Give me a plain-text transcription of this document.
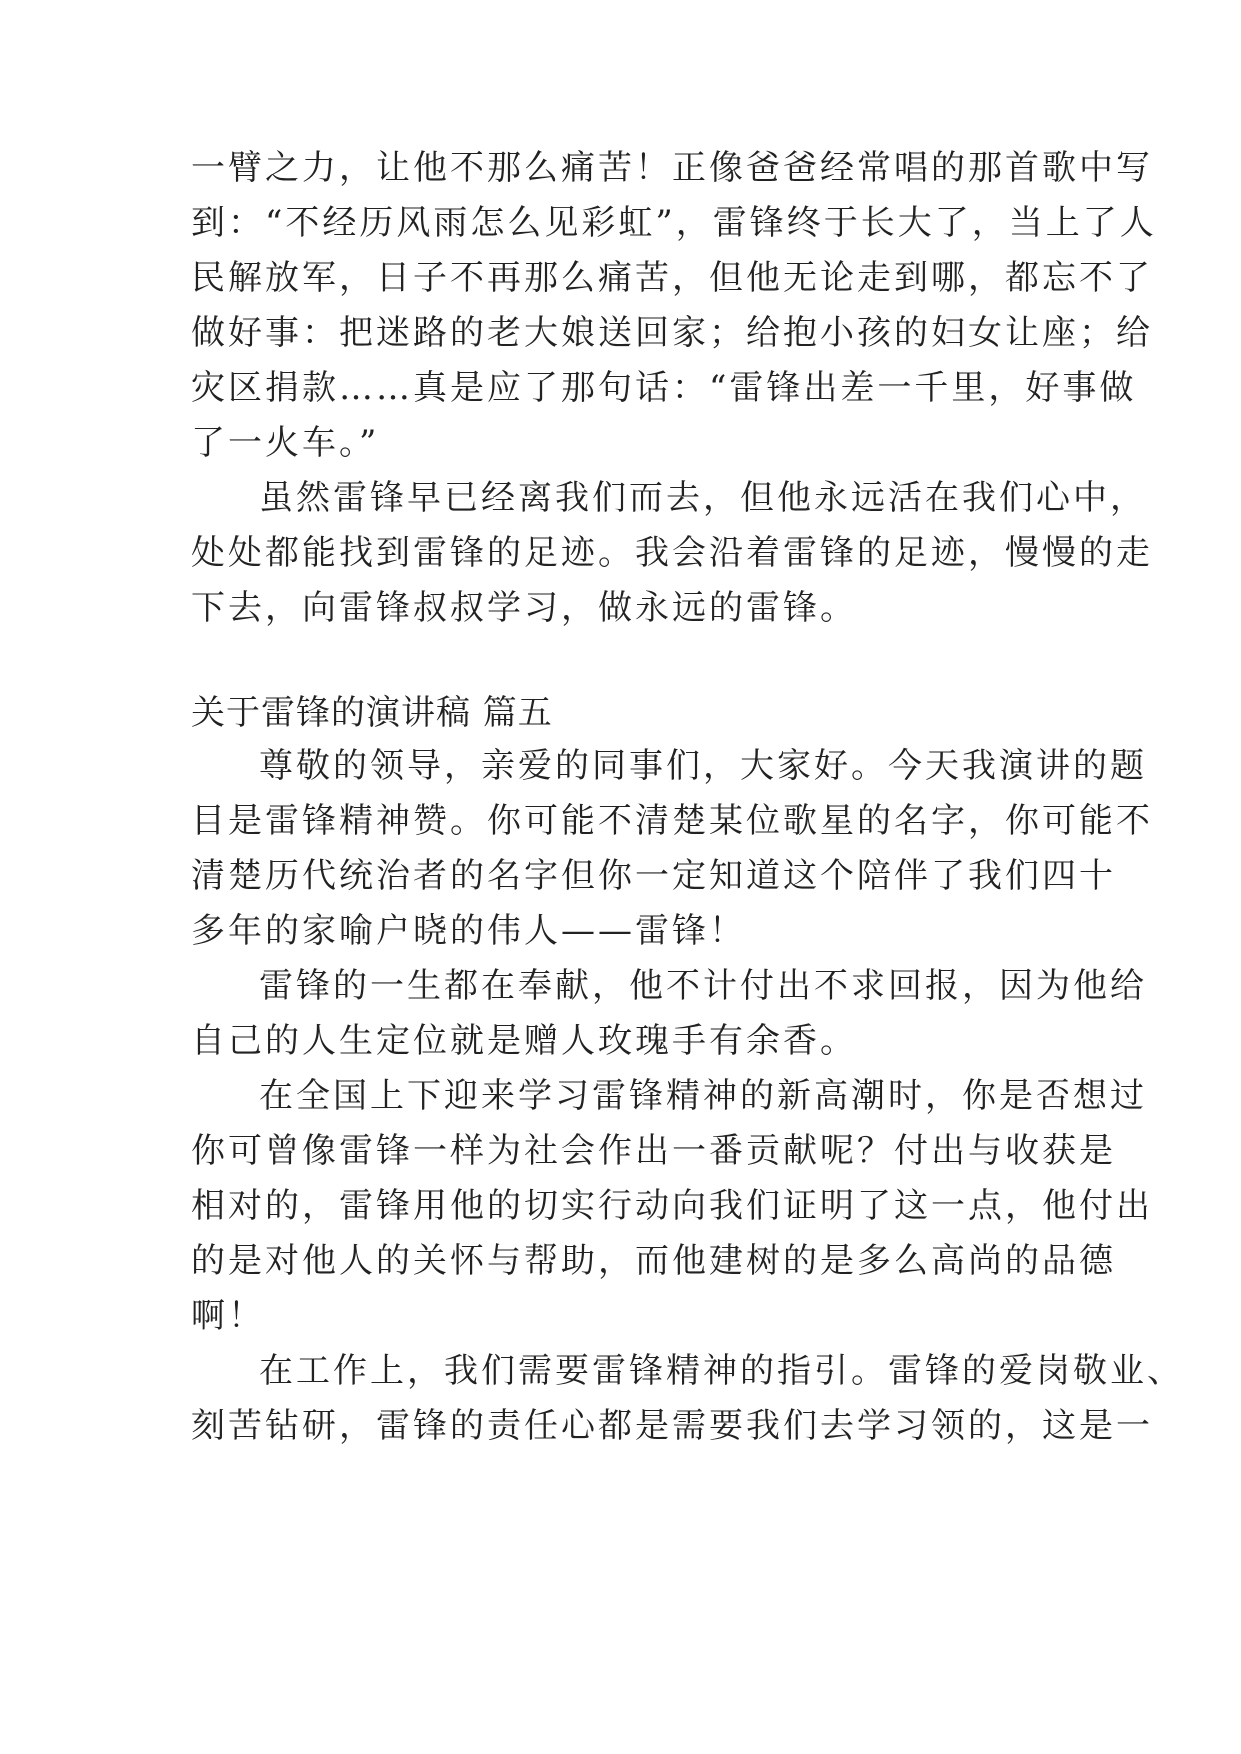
一臂之力，让他不那么痛苦！正像爸爸经常唱的那首歌中写
到：“不经历风雨怎么见彩虹”，雷锋终于长大了，当上了人
民解放军，日子不再那么痛苦，但他无论走到哪，都忘不了
做好事：把迷路的老大娘送回家；给抱小孩的妇女让座；给
灾区捐款……真是应了那句话：“雷锋出差一千里，好事做
了一火车。”
虽然雷锋早已经离我们而去，但他永远活在我们心中，
处处都能找到雷锋的足迹。我会沿着雷锋的足迹，慢慢的走
下去，向雷锋叔叔学习，做永远的雷锋。
关于雷锋的演讲稿 篇五
尊敬的领导，亲爱的同事们，大家好。今天我演讲的题
目是雷锋精神赞。你可能不清楚某位歌星的名字，你可能不
清楚历代统治者的名字但你一定知道这个陪伴了我们四十
多年的家喻户晓的伟人——雷锋！
雷锋的一生都在奉献，他不计付出不求回报，因为他给
自己的人生定位就是赠人玫瑰手有余香。
在全国上下迎来学习雷锋精神的新高潮时，你是否想过
你可曾像雷锋一样为社会作出一番贡献呢？付出与收获是
相对的，雷锋用他的切实行动向我们证明了这一点，他付出
的是对他人的关怀与帮助，而他建树的是多么高尚的品德
啊！
在工作上，我们需要雷锋精神的指引。雷锋的爱岗敬业、
刻苦钻研，雷锋的责任心都是需要我们去学习领的，这是一
